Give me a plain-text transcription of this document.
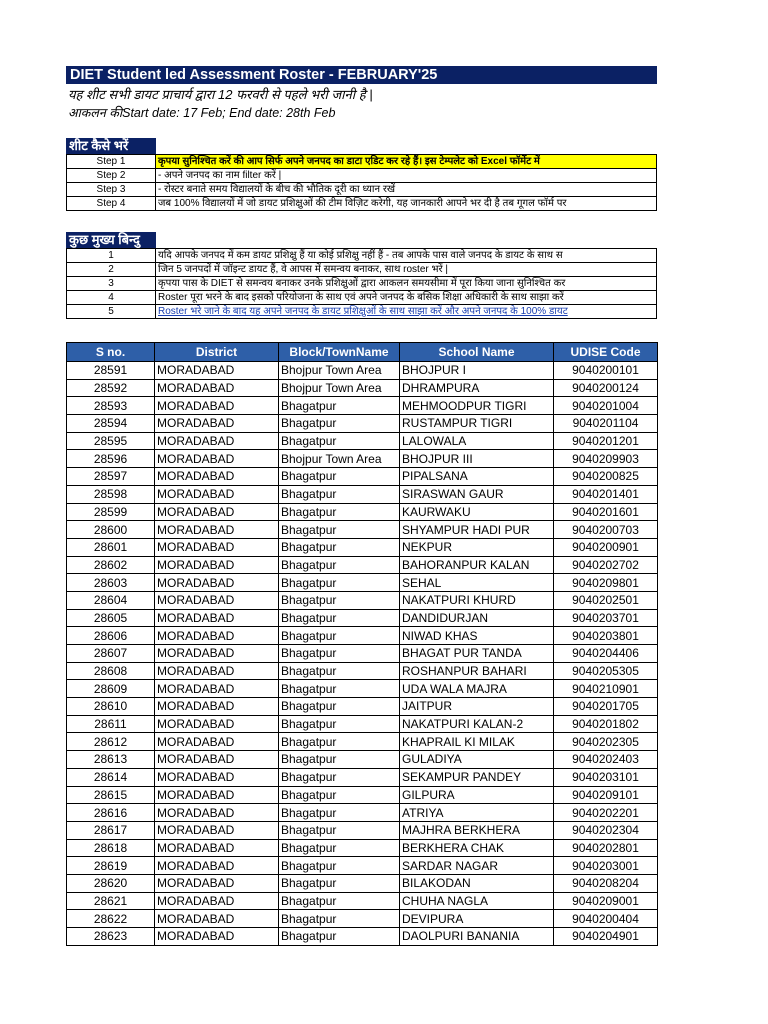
DIET Student led Assessment Roster - FEBRUARY'25
यह शीट सभी डायट प्राचार्य द्वारा 12 फरवरी से पहले भरी जानी है |
आकलन कीStart date: 17 Feb; End date: 28th Feb
शीट कैसे भरें
Step 1	कृपया सुनिश्चित करें की आप सिर्फ अपने जनपद का डाटा एडिट कर रहे हैं। इस टेम्पलेट को Excel फॉर्मेट में
Step 2	- अपने जनपद का नाम filter करें |
Step 3	- रोस्टर बनाते समय विद्यालयों के बीच की भौतिक दूरी का ध्यान रखें
Step 4	जब 100% विद्यालयों में जो डायट प्रशिक्षुओं की टीम विज़िट करेगी, यह जानकारी आपने भर दी है तब गूगल फॉर्म पर
कुछ मुख्य बिन्दु
1	यदि आपके जनपद में कम डायट प्रशिक्षु हैं या कोई प्रशिक्षु नहीं हैं - तब आपके पास वाले जनपद के डायट के साथ स
2	जिन 5 जनपदों में जॉइन्ट डायट हैं, वे आपस में समन्वय बनाकर, साथ roster भरें |
3	कृपया पास के DIET से समन्वय बनाकर उनके प्रशिक्षुओं द्वारा आकलन समयसीमा में पूरा किया जाना सुनिश्चित कर
4	Roster पूरा भरने के बाद इसको परियोजना के साथ एवं अपने जनपद के बसिक शिक्षा अधिकारी के साथ साझा करें
5	Roster भरे जाने के बाद यह अपने जनपद के डायट प्रशिक्षुओं के साथ साझा करें और अपने जनपद के 100% डायट
S no.	District	Block/TownName	School Name	UDISE Code
28591	MORADABAD	Bhojpur Town Area	BHOJPUR I	9040200101
28592	MORADABAD	Bhojpur Town Area	DHRAMPURA	9040200124
28593	MORADABAD	Bhagatpur	MEHMOODPUR TIGRI	9040201004
28594	MORADABAD	Bhagatpur	RUSTAMPUR TIGRI	9040201104
28595	MORADABAD	Bhagatpur	LALOWALA	9040201201
28596	MORADABAD	Bhojpur Town Area	BHOJPUR III	9040209903
28597	MORADABAD	Bhagatpur	PIPALSANA	9040200825
28598	MORADABAD	Bhagatpur	SIRASWAN GAUR	9040201401
28599	MORADABAD	Bhagatpur	KAURWAKU	9040201601
28600	MORADABAD	Bhagatpur	SHYAMPUR HADI PUR	9040200703
28601	MORADABAD	Bhagatpur	NEKPUR	9040200901
28602	MORADABAD	Bhagatpur	BAHORANPUR KALAN	9040202702
28603	MORADABAD	Bhagatpur	SEHAL	9040209801
28604	MORADABAD	Bhagatpur	NAKATPURI KHURD	9040202501
28605	MORADABAD	Bhagatpur	DANDIDURJAN	9040203701
28606	MORADABAD	Bhagatpur	NIWAD KHAS	9040203801
28607	MORADABAD	Bhagatpur	BHAGAT PUR TANDA	9040204406
28608	MORADABAD	Bhagatpur	ROSHANPUR BAHARI	9040205305
28609	MORADABAD	Bhagatpur	UDA WALA MAJRA	9040210901
28610	MORADABAD	Bhagatpur	JAITPUR	9040201705
28611	MORADABAD	Bhagatpur	NAKATPURI KALAN-2	9040201802
28612	MORADABAD	Bhagatpur	KHAPRAIL KI MILAK	9040202305
28613	MORADABAD	Bhagatpur	GULADIYA	9040202403
28614	MORADABAD	Bhagatpur	SEKAMPUR PANDEY	9040203101
28615	MORADABAD	Bhagatpur	GILPURA	9040209101
28616	MORADABAD	Bhagatpur	ATRIYA	9040202201
28617	MORADABAD	Bhagatpur	MAJHRA BERKHERA	9040202304
28618	MORADABAD	Bhagatpur	BERKHERA CHAK	9040202801
28619	MORADABAD	Bhagatpur	SARDAR NAGAR	9040203001
28620	MORADABAD	Bhagatpur	BILAKODAN	9040208204
28621	MORADABAD	Bhagatpur	CHUHA NAGLA	9040209001
28622	MORADABAD	Bhagatpur	DEVIPURA	9040200404
28623	MORADABAD	Bhagatpur	DAOLPURI BANANIA	9040204901
